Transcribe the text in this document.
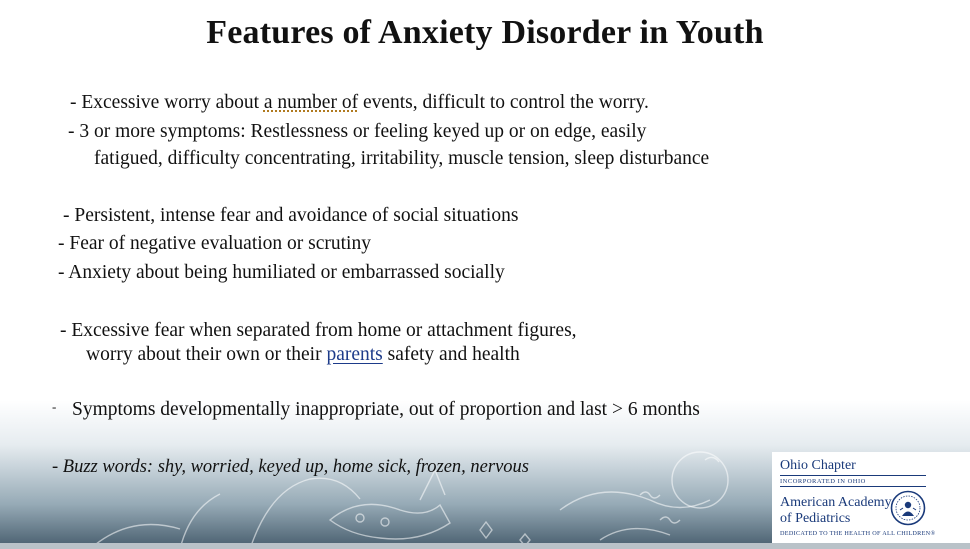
Features of Anxiety Disorder in Youth
- Excessive worry about a number of events, difficult to control the worry.
- 3 or more symptoms: Restlessness or feeling keyed up or on edge, easily
fatigued, difficulty concentrating, irritability, muscle tension, sleep disturbance
- Persistent, intense fear and avoidance of social situations
- Fear of negative evaluation or scrutiny
- Anxiety about being humiliated or embarrassed socially
- Excessive fear when separated from home or attachment figures,
worry about their own or their parents safety and health
- Symptoms developmentally inappropriate, out of proportion and last > 6 months
- Buzz words: shy, worried, keyed up, home sick, frozen, nervous	Ohio Chapter
INCORPORATED IN OHIO
American Academy
of Pediatrics
DEDICATED TO THE HEALTH OF ALL CHILDREN®
